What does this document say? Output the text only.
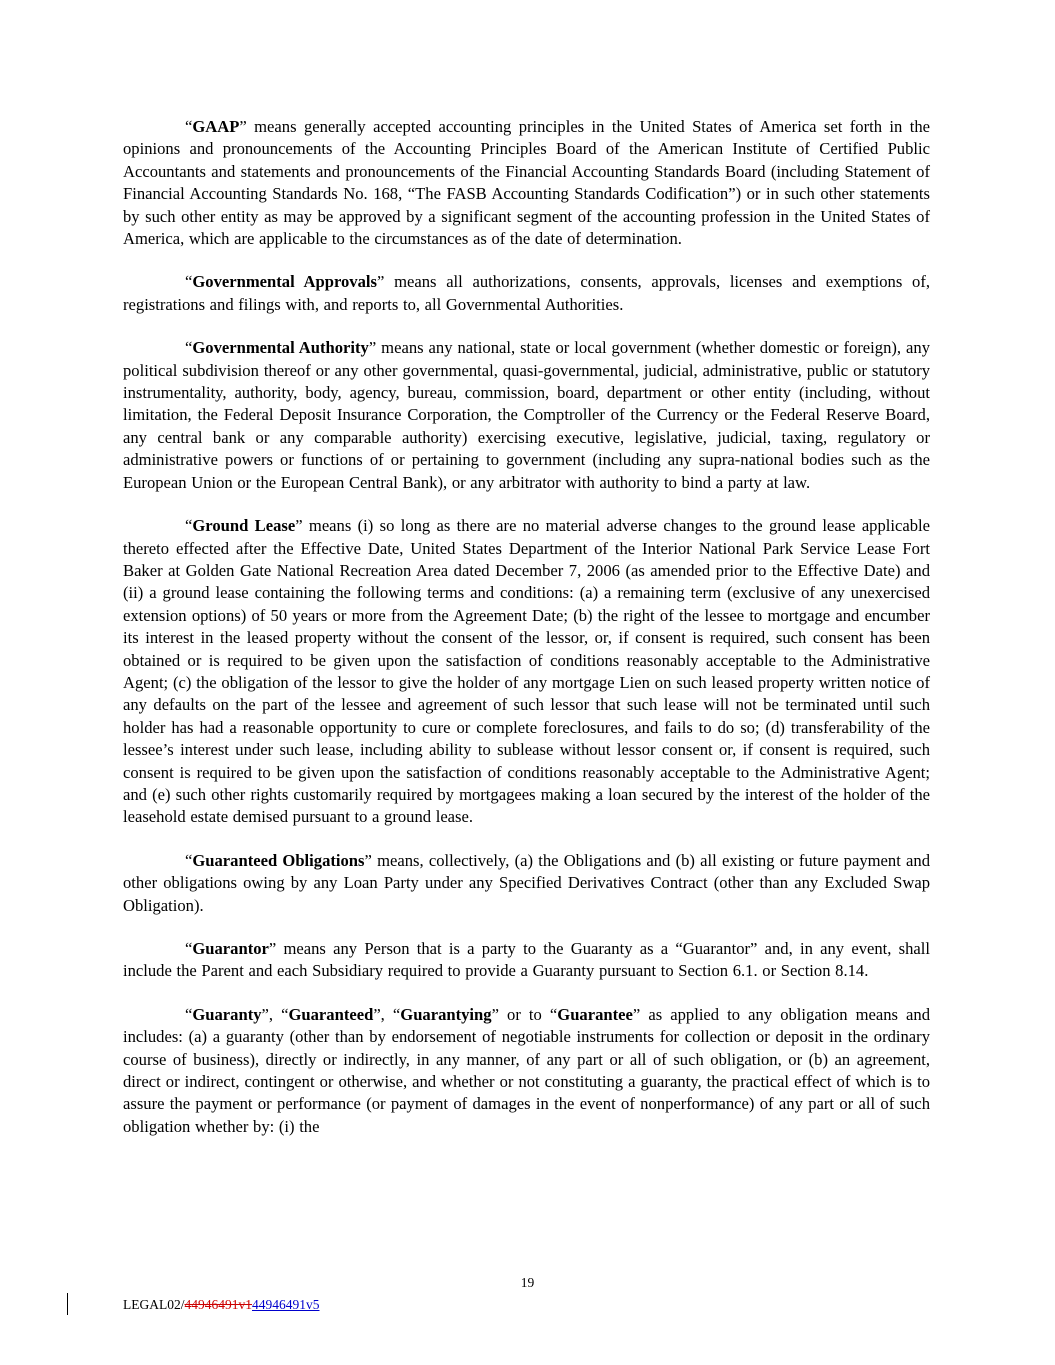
“GAAP” means generally accepted accounting principles in the United States of America set forth in the opinions and pronouncements of the Accounting Principles Board of the American Institute of Certified Public Accountants and statements and pronouncements of the Financial Accounting Standards Board (including Statement of Financial Accounting Standards No. 168, “The FASB Accounting Standards Codification”) or in such other statements by such other entity as may be approved by a significant segment of the accounting profession in the United States of America, which are applicable to the circumstances as of the date of determination.

“Governmental Approvals” means all authorizations, consents, approvals, licenses and exemptions of, registrations and filings with, and reports to, all Governmental Authorities.

“Governmental Authority” means any national, state or local government (whether domestic or foreign), any political subdivision thereof or any other governmental, quasi-governmental, judicial, administrative, public or statutory instrumentality, authority, body, agency, bureau, commission, board, department or other entity (including, without limitation, the Federal Deposit Insurance Corporation, the Comptroller of the Currency or the Federal Reserve Board, any central bank or any comparable authority) exercising executive, legislative, judicial, taxing, regulatory or administrative powers or functions of or pertaining to government (including any supra-national bodies such as the European Union or the European Central Bank), or any arbitrator with authority to bind a party at law.

“Ground Lease” means (i) so long as there are no material adverse changes to the ground lease applicable thereto effected after the Effective Date, United States Department of the Interior National Park Service Lease Fort Baker at Golden Gate National Recreation Area dated December 7, 2006 (as amended prior to the Effective Date) and (ii) a ground lease containing the following terms and conditions: (a) a remaining term (exclusive of any unexercised extension options) of 50 years or more from the Agreement Date; (b) the right of the lessee to mortgage and encumber its interest in the leased property without the consent of the lessor, or, if consent is required, such consent has been obtained or is required to be given upon the satisfaction of conditions reasonably acceptable to the Administrative Agent; (c) the obligation of the lessor to give the holder of any mortgage Lien on such leased property written notice of any defaults on the part of the lessee and agreement of such lessor that such lease will not be terminated until such holder has had a reasonable opportunity to cure or complete foreclosures, and fails to do so; (d) transferability of the lessee’s interest under such lease, including ability to sublease without lessor consent or, if consent is required, such consent is required to be given upon the satisfaction of conditions reasonably acceptable to the Administrative Agent; and (e) such other rights customarily required by mortgagees making a loan secured by the interest of the holder of the leasehold estate demised pursuant to a ground lease.

“Guaranteed Obligations” means, collectively, (a) the Obligations and (b) all existing or future payment and other obligations owing by any Loan Party under any Specified Derivatives Contract (other than any Excluded Swap Obligation).

“Guarantor” means any Person that is a party to the Guaranty as a “Guarantor” and, in any event, shall include the Parent and each Subsidiary required to provide a Guaranty pursuant to Section 6.1. or Section 8.14.

“Guaranty”, “Guaranteed”, “Guarantying” or to “Guarantee” as applied to any obligation means and includes: (a) a guaranty (other than by endorsement of negotiable instruments for collection or deposit in the ordinary course of business), directly or indirectly, in any manner, of any part or all of such obligation, or (b) an agreement, direct or indirect, contingent or otherwise, and whether or not constituting a guaranty, the practical effect of which is to assure the payment or performance (or payment of damages in the event of nonperformance) of any part or all of such obligation whether by: (i) the

19
LEGAL02/44946491v144946491v5
